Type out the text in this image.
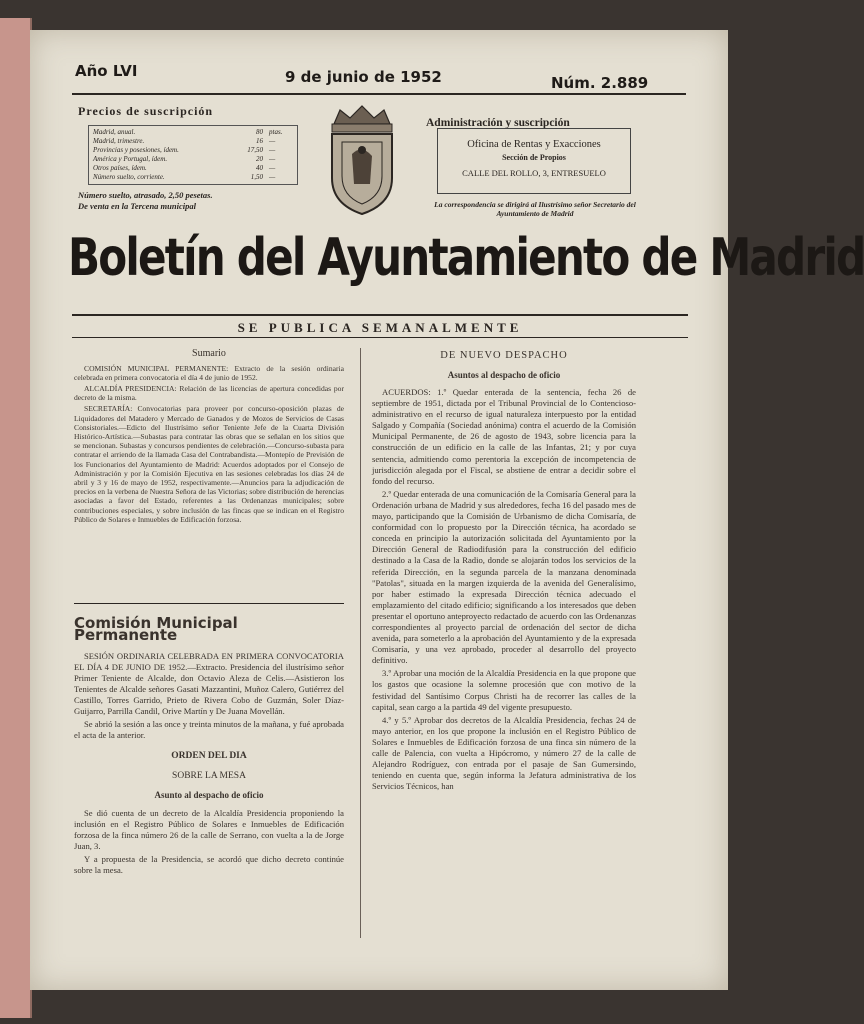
Año LVI	9 de junio de 1952	Núm. 2.889
Precios de suscripción
Madrid, anual.	80 ptas.
Madrid, trimestre.	16 —
Provincias y posesiones, ídem.	17,50 —
América y Portugal, ídem.	20 —
Otros países, ídem.	40 —
Número suelto, corriente.	1,50 —
Número suelto, atrasado, 2,50 pesetas.
De venta en la Tercena municipal
Administración y suscripción
Oficina de Rentas y Exacciones
Sección de Propios
CALLE DEL ROLLO, 3, ENTRESUELO
La correspondencia se dirigirá al Ilustrísimo señor Secretario del Ayuntamiento de Madrid
Boletín del Ayuntamiento de Madrid
SE PUBLICA SEMANALMENTE
Sumario

COMISIÓN MUNICIPAL PERMANENTE: Extracto de la sesión ordinaria celebrada en primera convocatoria el día 4 de junio de 1952.

ALCALDÍA PRESIDENCIA: Relación de las licencias de apertura concedidas por decreto de la misma.

SECRETARÍA: Convocatorias para proveer por concurso-oposición plazas de Liquidadores del Matadero y Mercado de Ganados y de Mozos de Servicios de Casas Consistoriales.—Edicto del Ilustrísimo señor Teniente Jefe de la Cuarta División Histórico-Artística.—Subastas para contratar las obras que se señalan en los sitios que se mencionan. Subastas y concursos pendientes de celebración.—Concurso-subasta para contratar el arriendo de la llamada Casa del Contrabandista.—Montepío de Previsión de los Funcionarios del Ayuntamiento de Madrid: Acuerdos adoptados por el Consejo de Administración y por la Comisión Ejecutiva en las sesiones celebradas los días 24 de abril y 3 y 16 de mayo de 1952, respectivamente.—Anuncios para la adjudicación de precios en la verbena de Nuestra Señora de las Victorias; sobre distribución de herencias asociadas a favor del Estado, referentes a las Ordenanzas municipales; sobre contribuciones especiales, y sobre inclusión de las fincas que se indican en el Registro Público de Solares e Inmuebles de Edificación forzosa.

Comisión Municipal Permanente

SESIÓN ORDINARIA CELEBRADA EN PRIMERA CONVOCATORIA EL DÍA 4 DE JUNIO DE 1952.—Extracto. Presidencia del ilustrísimo señor Primer Teniente de Alcalde, don Octavio Aleza de Celis.—Asistieron los Tenientes de Alcalde señores Gasati Mazzantini, Muñoz Calero, Gutiérrez del Castillo, Torres Garrido, Prieto de Rivera Cobo de Guzmán, Soler Díaz-Guijarro, Parrilla Candil, Orive Martín y De Juana Movellán.

Se abrió la sesión a las once y treinta minutos de la mañana, y fué aprobada el acta de la anterior.

ORDEN DEL DIA
SOBRE LA MESA
Asunto al despacho de oficio

Se dió cuenta de un decreto de la Alcaldía Presidencia proponiendo la inclusión en el Registro Público de Solares e Inmuebles de Edificación forzosa de la finca número 26 de la calle de Serrano, con vuelta a la de Jorge Juan, 3.

Y a propuesta de la Presidencia, se acordó que dicho decreto continúe sobre la mesa.

DE NUEVO DESPACHO
Asuntos al despacho de oficio

ACUERDOS: 1.º Quedar enterada de la sentencia, fecha 26 de septiembre de 1951, dictada por el Tribunal Provincial de lo Contencioso-administrativo en el recurso de igual naturaleza interpuesto por la entidad Salgado y Compañía (Sociedad anónima) contra el acuerdo de la Comisión Municipal Permanente, de 26 de agosto de 1943, sobre licencia para la construcción de un edificio en la calle de las Infantas, 21; y por cuya sentencia, admitiendo como perentoria la excepción de incompetencia de jurisdicción alegada por el Fiscal, se abstiene de entrar a decidir sobre el fondo del recurso.

2.º Quedar enterada de una comunicación de la Comisaría General para la Ordenación urbana de Madrid y sus alrededores, fecha 16 del pasado mes de mayo, participando que la Comisión de Urbanismo de dicha Comisaría, de conformidad con lo propuesto por la Dirección técnica, ha acordado se conceda en principio la autorización solicitada del Ayuntamiento por la Dirección General de Radiodifusión para la construcción del edificio destinado a la Casa de la Radio, donde se alojarán todos los servicios de la referida Dirección, en la segunda parcela de la manzana denominada "Patolas", situada en la margen izquierda de la avenida del Generalísimo, por haber estimado la expresada Dirección técnica adecuado el emplazamiento del citado edificio; significando a los interesados que deben presentar el oportuno anteproyecto redactado de acuerdo con las Ordenanzas correspondientes al proyecto parcial de ordenación del sector de dicha avenida, para someterlo a la aprobación del Ayuntamiento y de la expresada Comisaría, y una vez aprobado, proceder al desarrollo del proyecto definitivo.

3.º Aprobar una moción de la Alcaldía Presidencia en la que propone que los gastos que ocasione la solemne procesión que con motivo de la festividad del Santísimo Corpus Christi ha de recorrer las calles de la capital, sean cargo a la partida 49 del vigente presupuesto.

4.º y 5.º Aprobar dos decretos de la Alcaldía Presidencia, fechas 24 de mayo anterior, en los que propone la inclusión en el Registro Público de Solares e Inmuebles de Edificación forzosa de una finca sin número de la calle de Palencia, con vuelta a Hipócromo, y número 27 de la calle de Alejandro Rodríguez, con entrada por el pasaje de San Gumersindo, teniendo en cuenta que, según informa la Jefatura administrativa de los Servicios Técnicos, han
